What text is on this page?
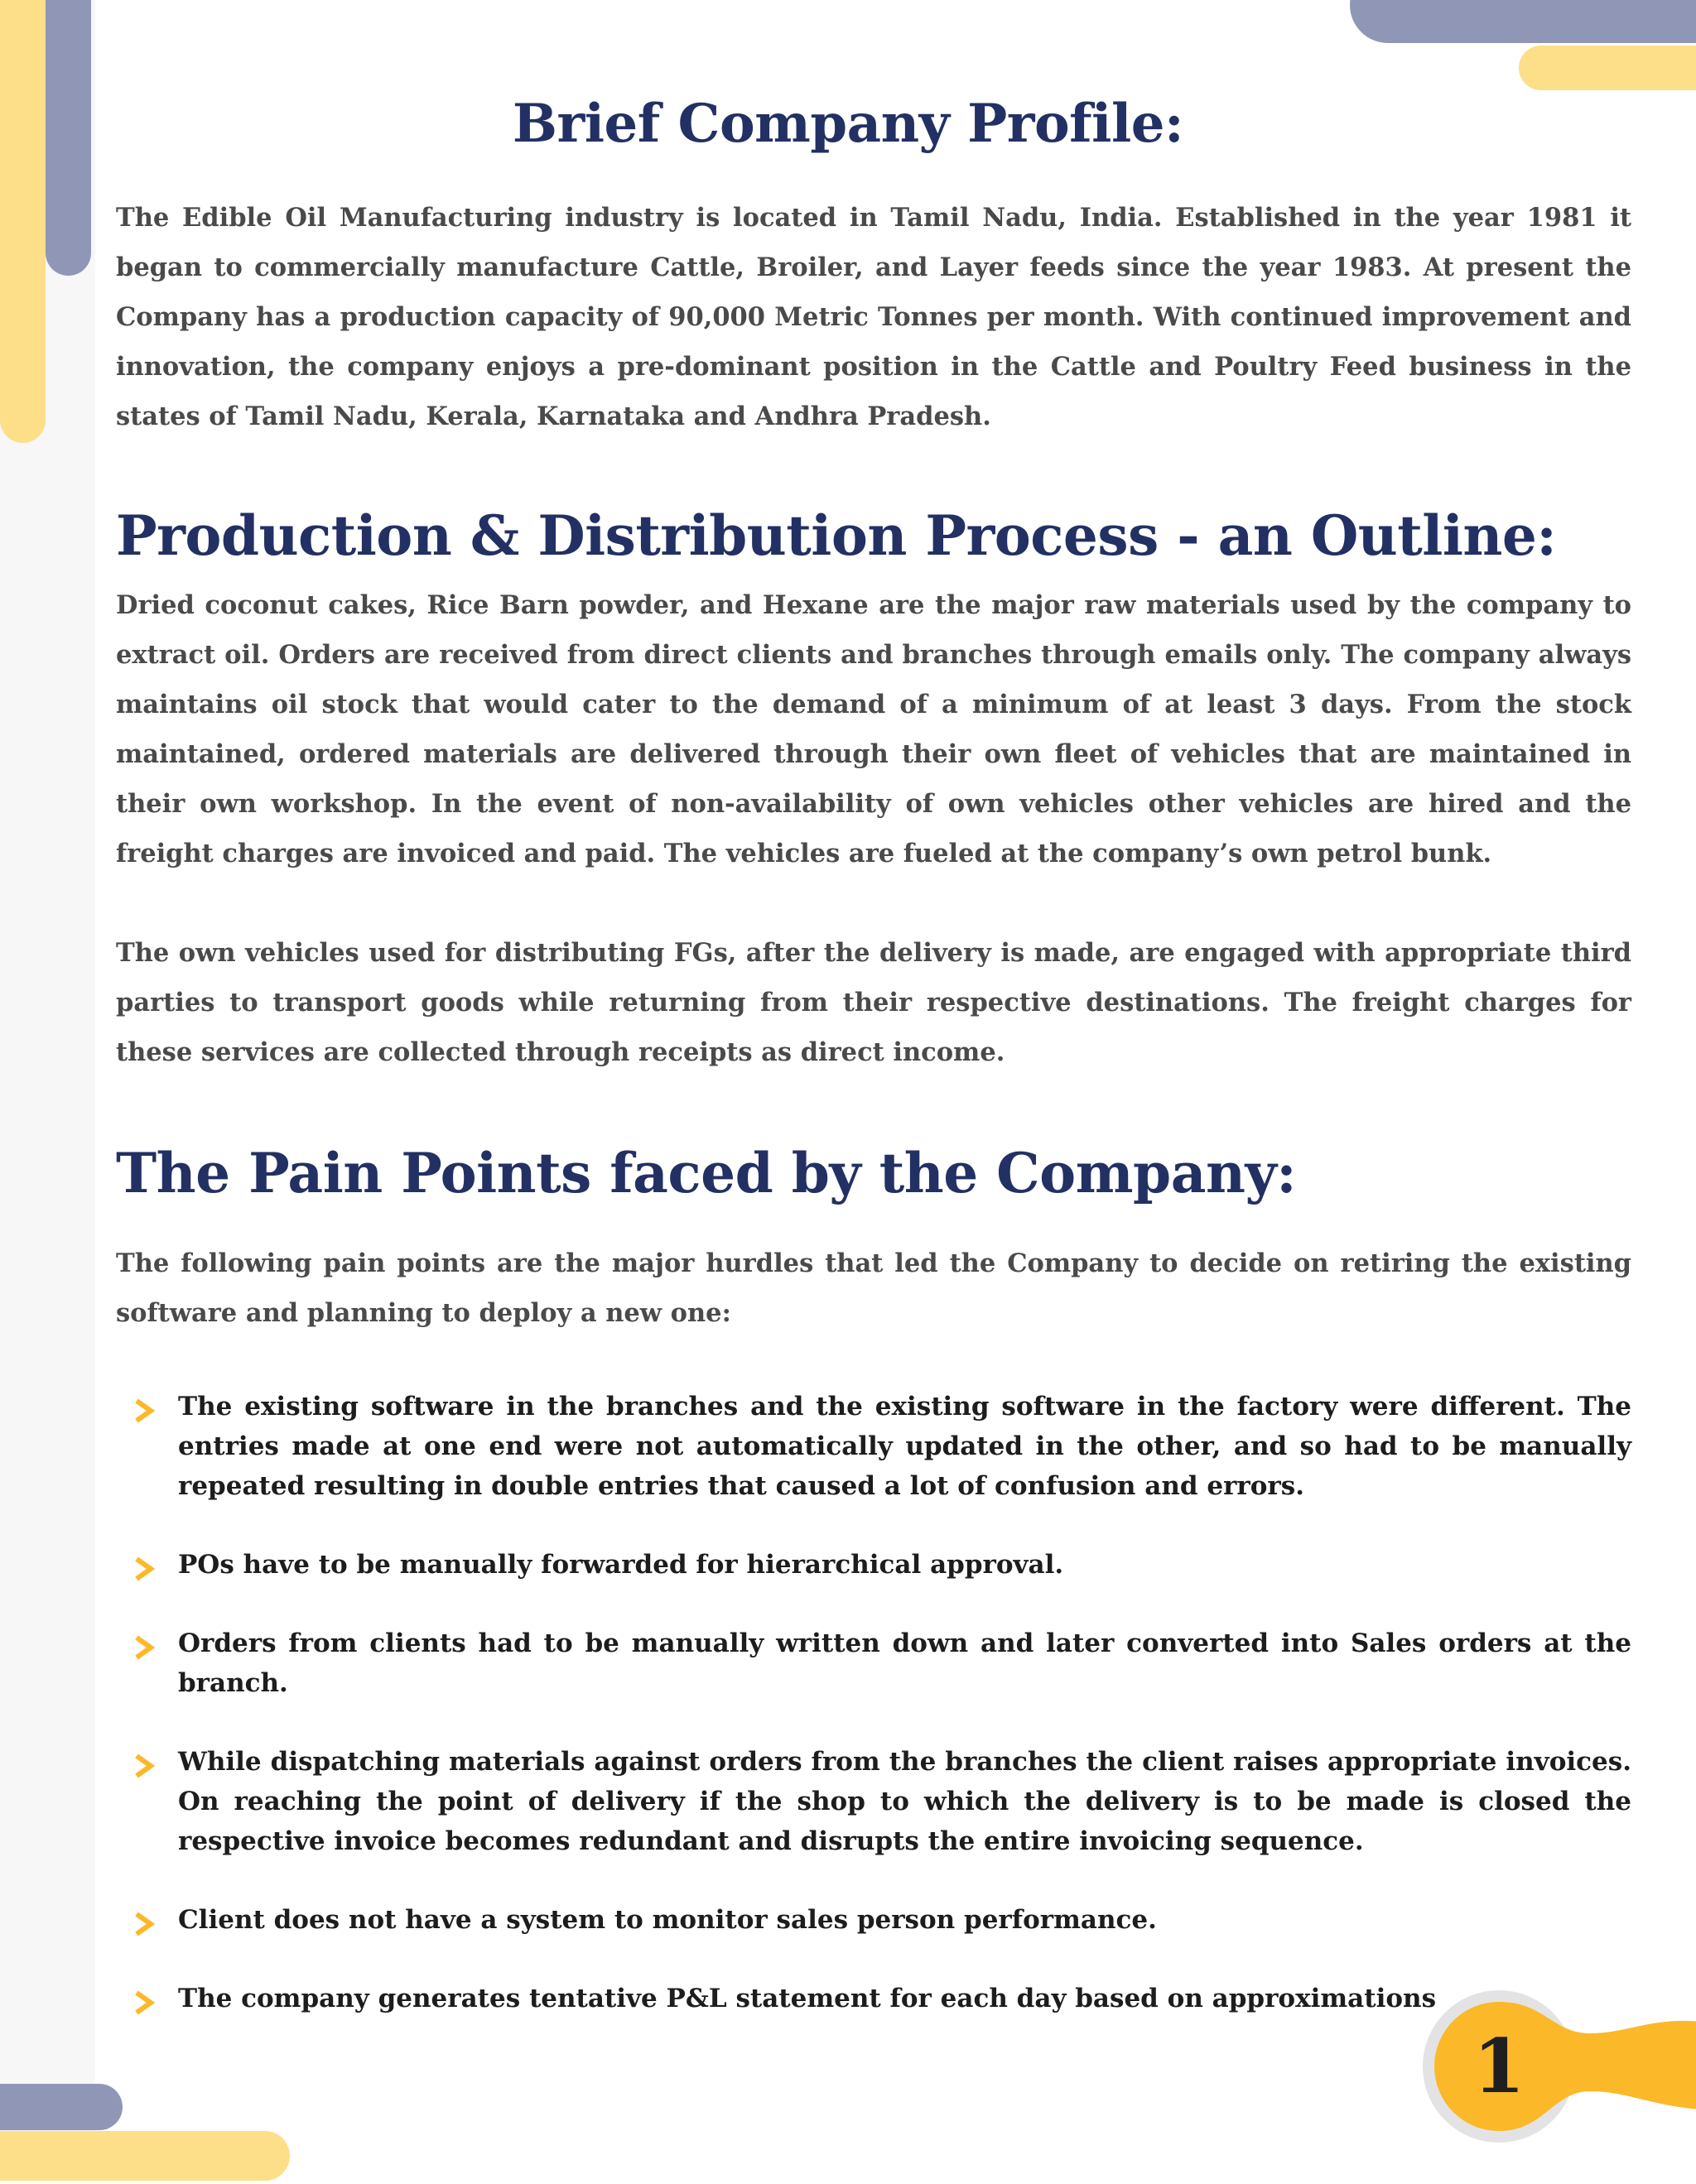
Brief Company Profile:

The Edible Oil Manufacturing industry is located in Tamil Nadu, India. Established in the year 1981 it began to commercially manufacture Cattle, Broiler, and Layer feeds since the year 1983. At present the Company has a production capacity of 90,000 Metric Tonnes per month. With continued improvement and innovation, the company enjoys a pre-dominant position in the Cattle and Poultry Feed business in the states of Tamil Nadu, Kerala, Karnataka and Andhra Pradesh.

Production & Distribution Process - an Outline:

Dried coconut cakes, Rice Barn powder, and Hexane are the major raw materials used by the company to extract oil. Orders are received from direct clients and branches through emails only. The company always maintains oil stock that would cater to the demand of a minimum of at least 3 days. From the stock maintained, ordered materials are delivered through their own fleet of vehicles that are maintained in their own workshop. In the event of non-availability of own vehicles other vehicles are hired and the freight charges are invoiced and paid. The vehicles are fueled at the company’s own petrol bunk.

The own vehicles used for distributing FGs, after the delivery is made, are engaged with appropriate third parties to transport goods while returning from their respective destinations. The freight charges for these services are collected through receipts as direct income.

The Pain Points faced by the Company:

The following pain points are the major hurdles that led the Company to decide on retiring the existing software and planning to deploy a new one:

The existing software in the branches and the existing software in the factory were different. The entries made at one end were not automatically updated in the other, and so had to be manually repeated resulting in double entries that caused a lot of confusion and errors.
POs have to be manually forwarded for hierarchical approval.
Orders from clients had to be manually written down and later converted into Sales orders at the branch.
While dispatching materials against orders from the branches the client raises appropriate invoices. On reaching the point of delivery if the shop to which the delivery is to be made is closed the respective invoice becomes redundant and disrupts the entire invoicing sequence.
Client does not have a system to monitor sales person performance.
The company generates tentative P&L statement for each day based on approximations
1
